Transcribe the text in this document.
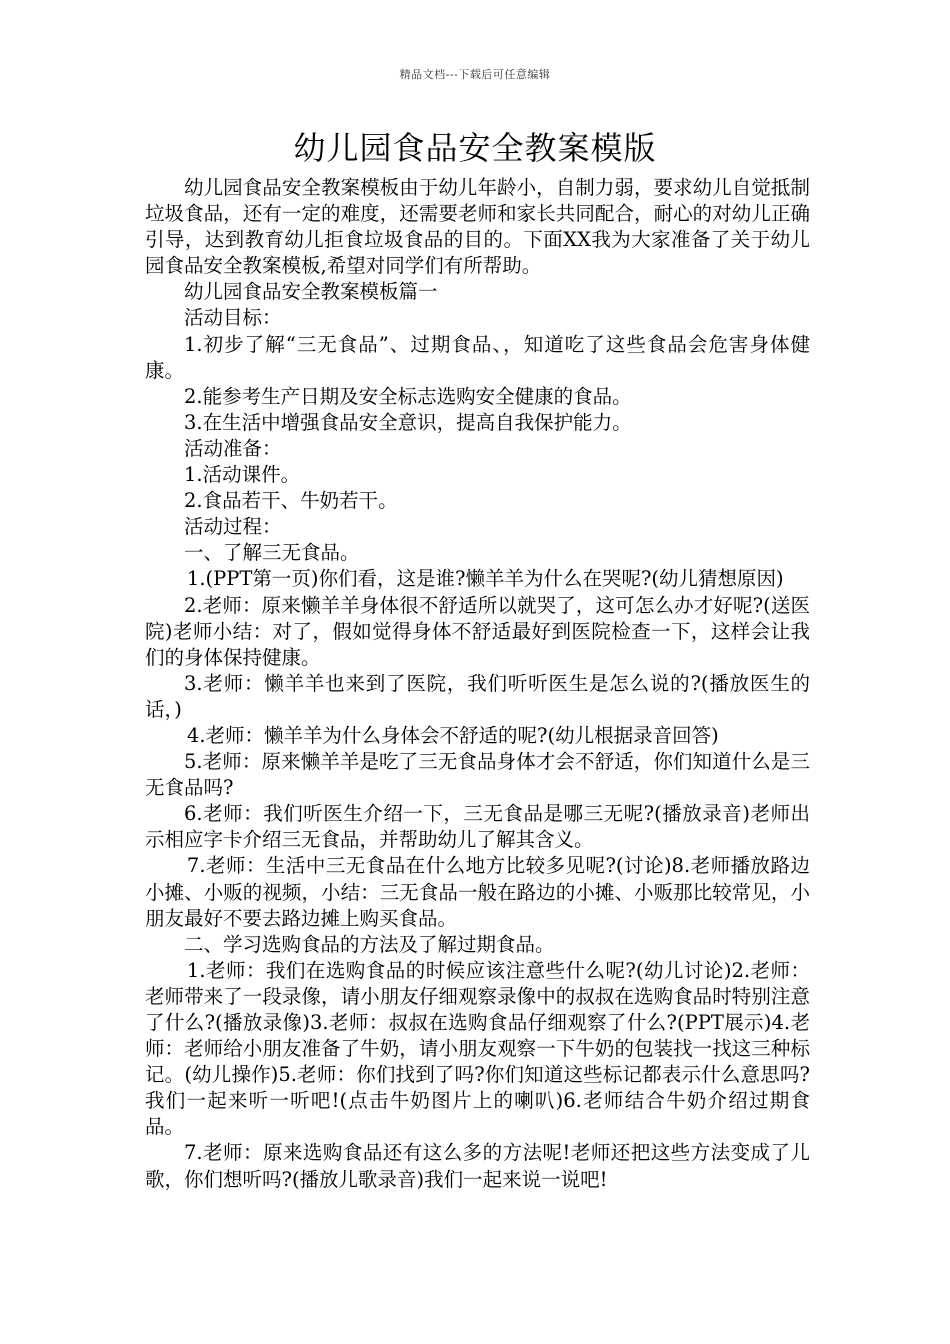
精品文档---下载后可任意编辑
幼儿园食品安全教案模版

幼儿园食品安全教案模板由于幼儿年龄小，自制力弱，要求幼儿自觉抵制垃圾食品，还有一定的难度，还需要老师和家长共同配合，耐心的对幼儿正确引导，达到教育幼儿拒食垃圾食品的目的。下面XX我为大家准备了关于幼儿园食品安全教案模板,希望对同学们有所帮助。

幼儿园食品安全教案模板篇一

活动目标：

1.初步了解“三无食品”、过期食品、，知道吃了这些食品会危害身体健康。

2.能参考生产日期及安全标志选购安全健康的食品。

3.在生活中增强食品安全意识，提高自我保护能力。

活动准备：

1.活动课件。

2.食品若干、牛奶若干。

活动过程：

一、了解三无食品。

1.(PPT第一页)你们看，这是谁?懒羊羊为什么在哭呢?(幼儿猜想原因)

2.老师：原来懒羊羊身体很不舒适所以就哭了，这可怎么办才好呢?(送医院)老师小结：对了，假如觉得身体不舒适最好到医院检查一下，这样会让我们的身体保持健康。

3.老师：懒羊羊也来到了医院，我们听听医生是怎么说的?(播放医生的话，)

4.老师：懒羊羊为什么身体会不舒适的呢?(幼儿根据录音回答)

5.老师：原来懒羊羊是吃了三无食品身体才会不舒适，你们知道什么是三无食品吗?

6.老师：我们听医生介绍一下，三无食品是哪三无呢?(播放录音)老师出示相应字卡介绍三无食品，并帮助幼儿了解其含义。

7.老师：生活中三无食品在什么地方比较多见呢?(讨论)8.老师播放路边小摊、小贩的视频，小结：三无食品一般在路边的小摊、小贩那比较常见，小朋友最好不要去路边摊上购买食品。

二、学习选购食品的方法及了解过期食品。

1.老师：我们在选购食品的时候应该注意些什么呢?(幼儿讨论)2.老师：老师带来了一段录像，请小朋友仔细观察录像中的叔叔在选购食品时特别注意了什么?(播放录像)3.老师：叔叔在选购食品仔细观察了什么?(PPT展示)4.老师：老师给小朋友准备了牛奶，请小朋友观察一下牛奶的包装找一找这三种标记。(幼儿操作)5.老师：你们找到了吗?你们知道这些标记都表示什么意思吗?我们一起来听一听吧!(点击牛奶图片上的喇叭)6.老师结合牛奶介绍过期食品。

7.老师：原来选购食品还有这么多的方法呢!老师还把这些方法变成了儿歌，你们想听吗?(播放儿歌录音)我们一起来说一说吧!
